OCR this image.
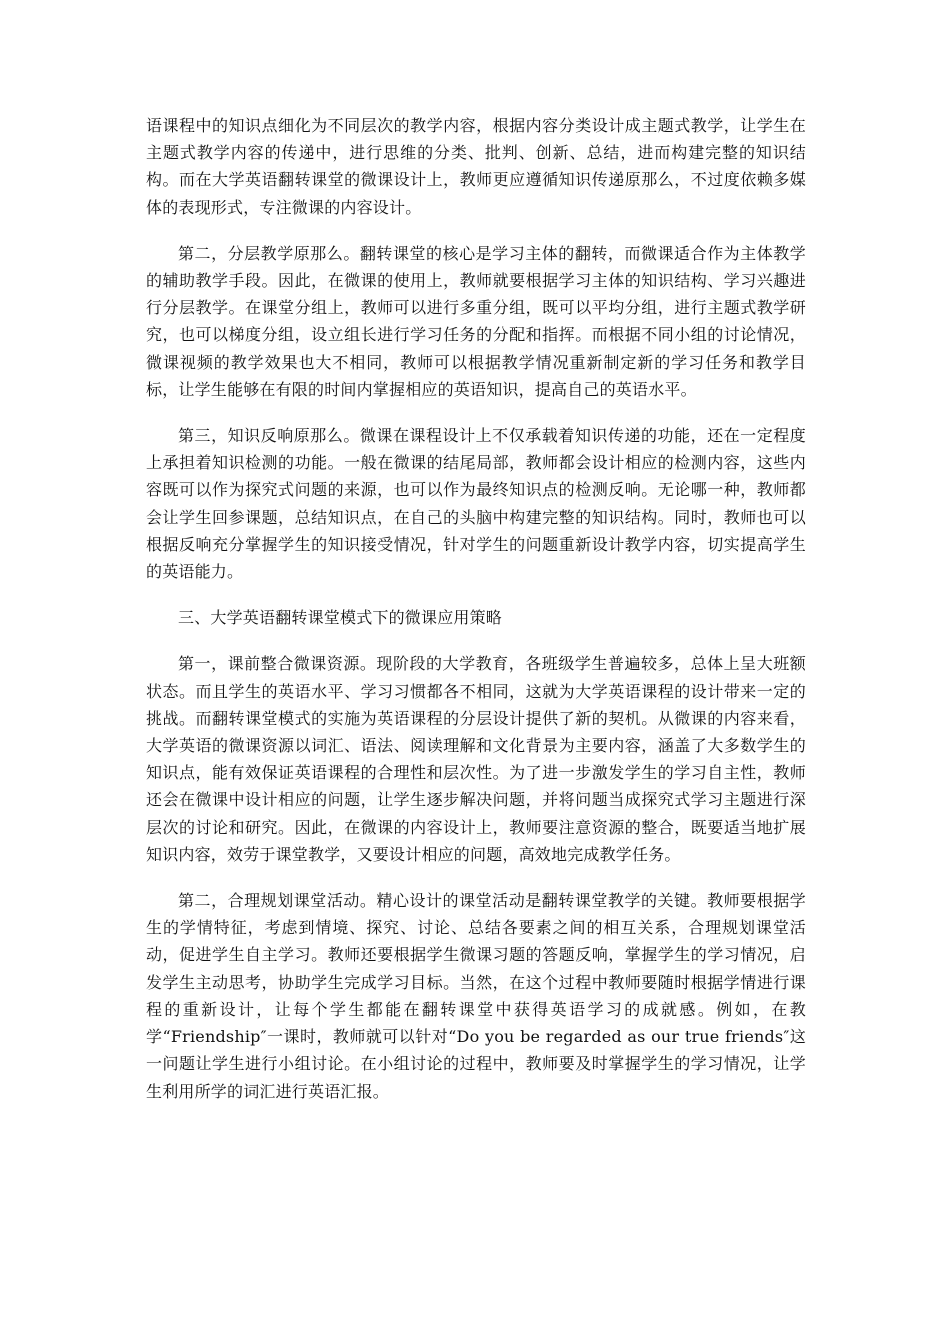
语课程中的知识点细化为不同层次的教学内容，根据内容分类设计成主题式教学，让学生在主题式教学内容的传递中，进行思维的分类、批判、创新、总结，进而构建完整的知识结构。而在大学英语翻转课堂的微课设计上，教师更应遵循知识传递原那么，不过度依赖多媒体的表现形式，专注微课的内容设计。

第二，分层教学原那么。翻转课堂的核心是学习主体的翻转，而微课适合作为主体教学的辅助教学手段。因此，在微课的使用上，教师就要根据学习主体的知识结构、学习兴趣进行分层教学。在课堂分组上，教师可以进行多重分组，既可以平均分组，进行主题式教学研究，也可以梯度分组，设立组长进行学习任务的分配和指挥。而根据不同小组的讨论情况，微课视频的教学效果也大不相同，教师可以根据教学情况重新制定新的学习任务和教学目标，让学生能够在有限的时间内掌握相应的英语知识，提高自己的英语水平。

第三，知识反响原那么。微课在课程设计上不仅承载着知识传递的功能，还在一定程度上承担着知识检测的功能。一般在微课的结尾局部，教师都会设计相应的检测内容，这些内容既可以作为探究式问题的来源，也可以作为最终知识点的检测反响。无论哪一种，教师都会让学生回参课题，总结知识点，在自己的头脑中构建完整的知识结构。同时，教师也可以根据反响充分掌握学生的知识接受情况，针对学生的问题重新设计教学内容，切实提高学生的英语能力。

三、大学英语翻转课堂模式下的微课应用策略

第一，课前整合微课资源。现阶段的大学教育，各班级学生普遍较多，总体上呈大班额状态。而且学生的英语水平、学习习惯都各不相同，这就为大学英语课程的设计带来一定的挑战。而翻转课堂模式的实施为英语课程的分层设计提供了新的契机。从微课的内容来看，大学英语的微课资源以词汇、语法、阅读理解和文化背景为主要内容，涵盖了大多数学生的知识点，能有效保证英语课程的合理性和层次性。为了进一步激发学生的学习自主性，教师还会在微课中设计相应的问题，让学生逐步解决问题，并将问题当成探究式学习主题进行深层次的讨论和研究。因此，在微课的内容设计上，教师要注意资源的整合，既要适当地扩展知识内容，效劳于课堂教学，又要设计相应的问题，高效地完成教学任务。

第二，合理规划课堂活动。精心设计的课堂活动是翻转课堂教学的关键。教师要根据学生的学情特征，考虑到情境、探究、讨论、总结各要素之间的相互关系，合理规划课堂活动，促进学生自主学习。教师还要根据学生微课习题的答题反响，掌握学生的学习情况，启发学生主动思考，协助学生完成学习目标。当然，在这个过程中教师要随时根据学情进行课程的重新设计，让每个学生都能在翻转课堂中获得英语学习的成就感。例如，在教学“Friendship″一课时，教师就可以针对“Do you be regarded as our true friends″这一问题让学生进行小组讨论。在小组讨论的过程中，教师要及时掌握学生的学习情况，让学生利用所学的词汇进行英语汇报。
